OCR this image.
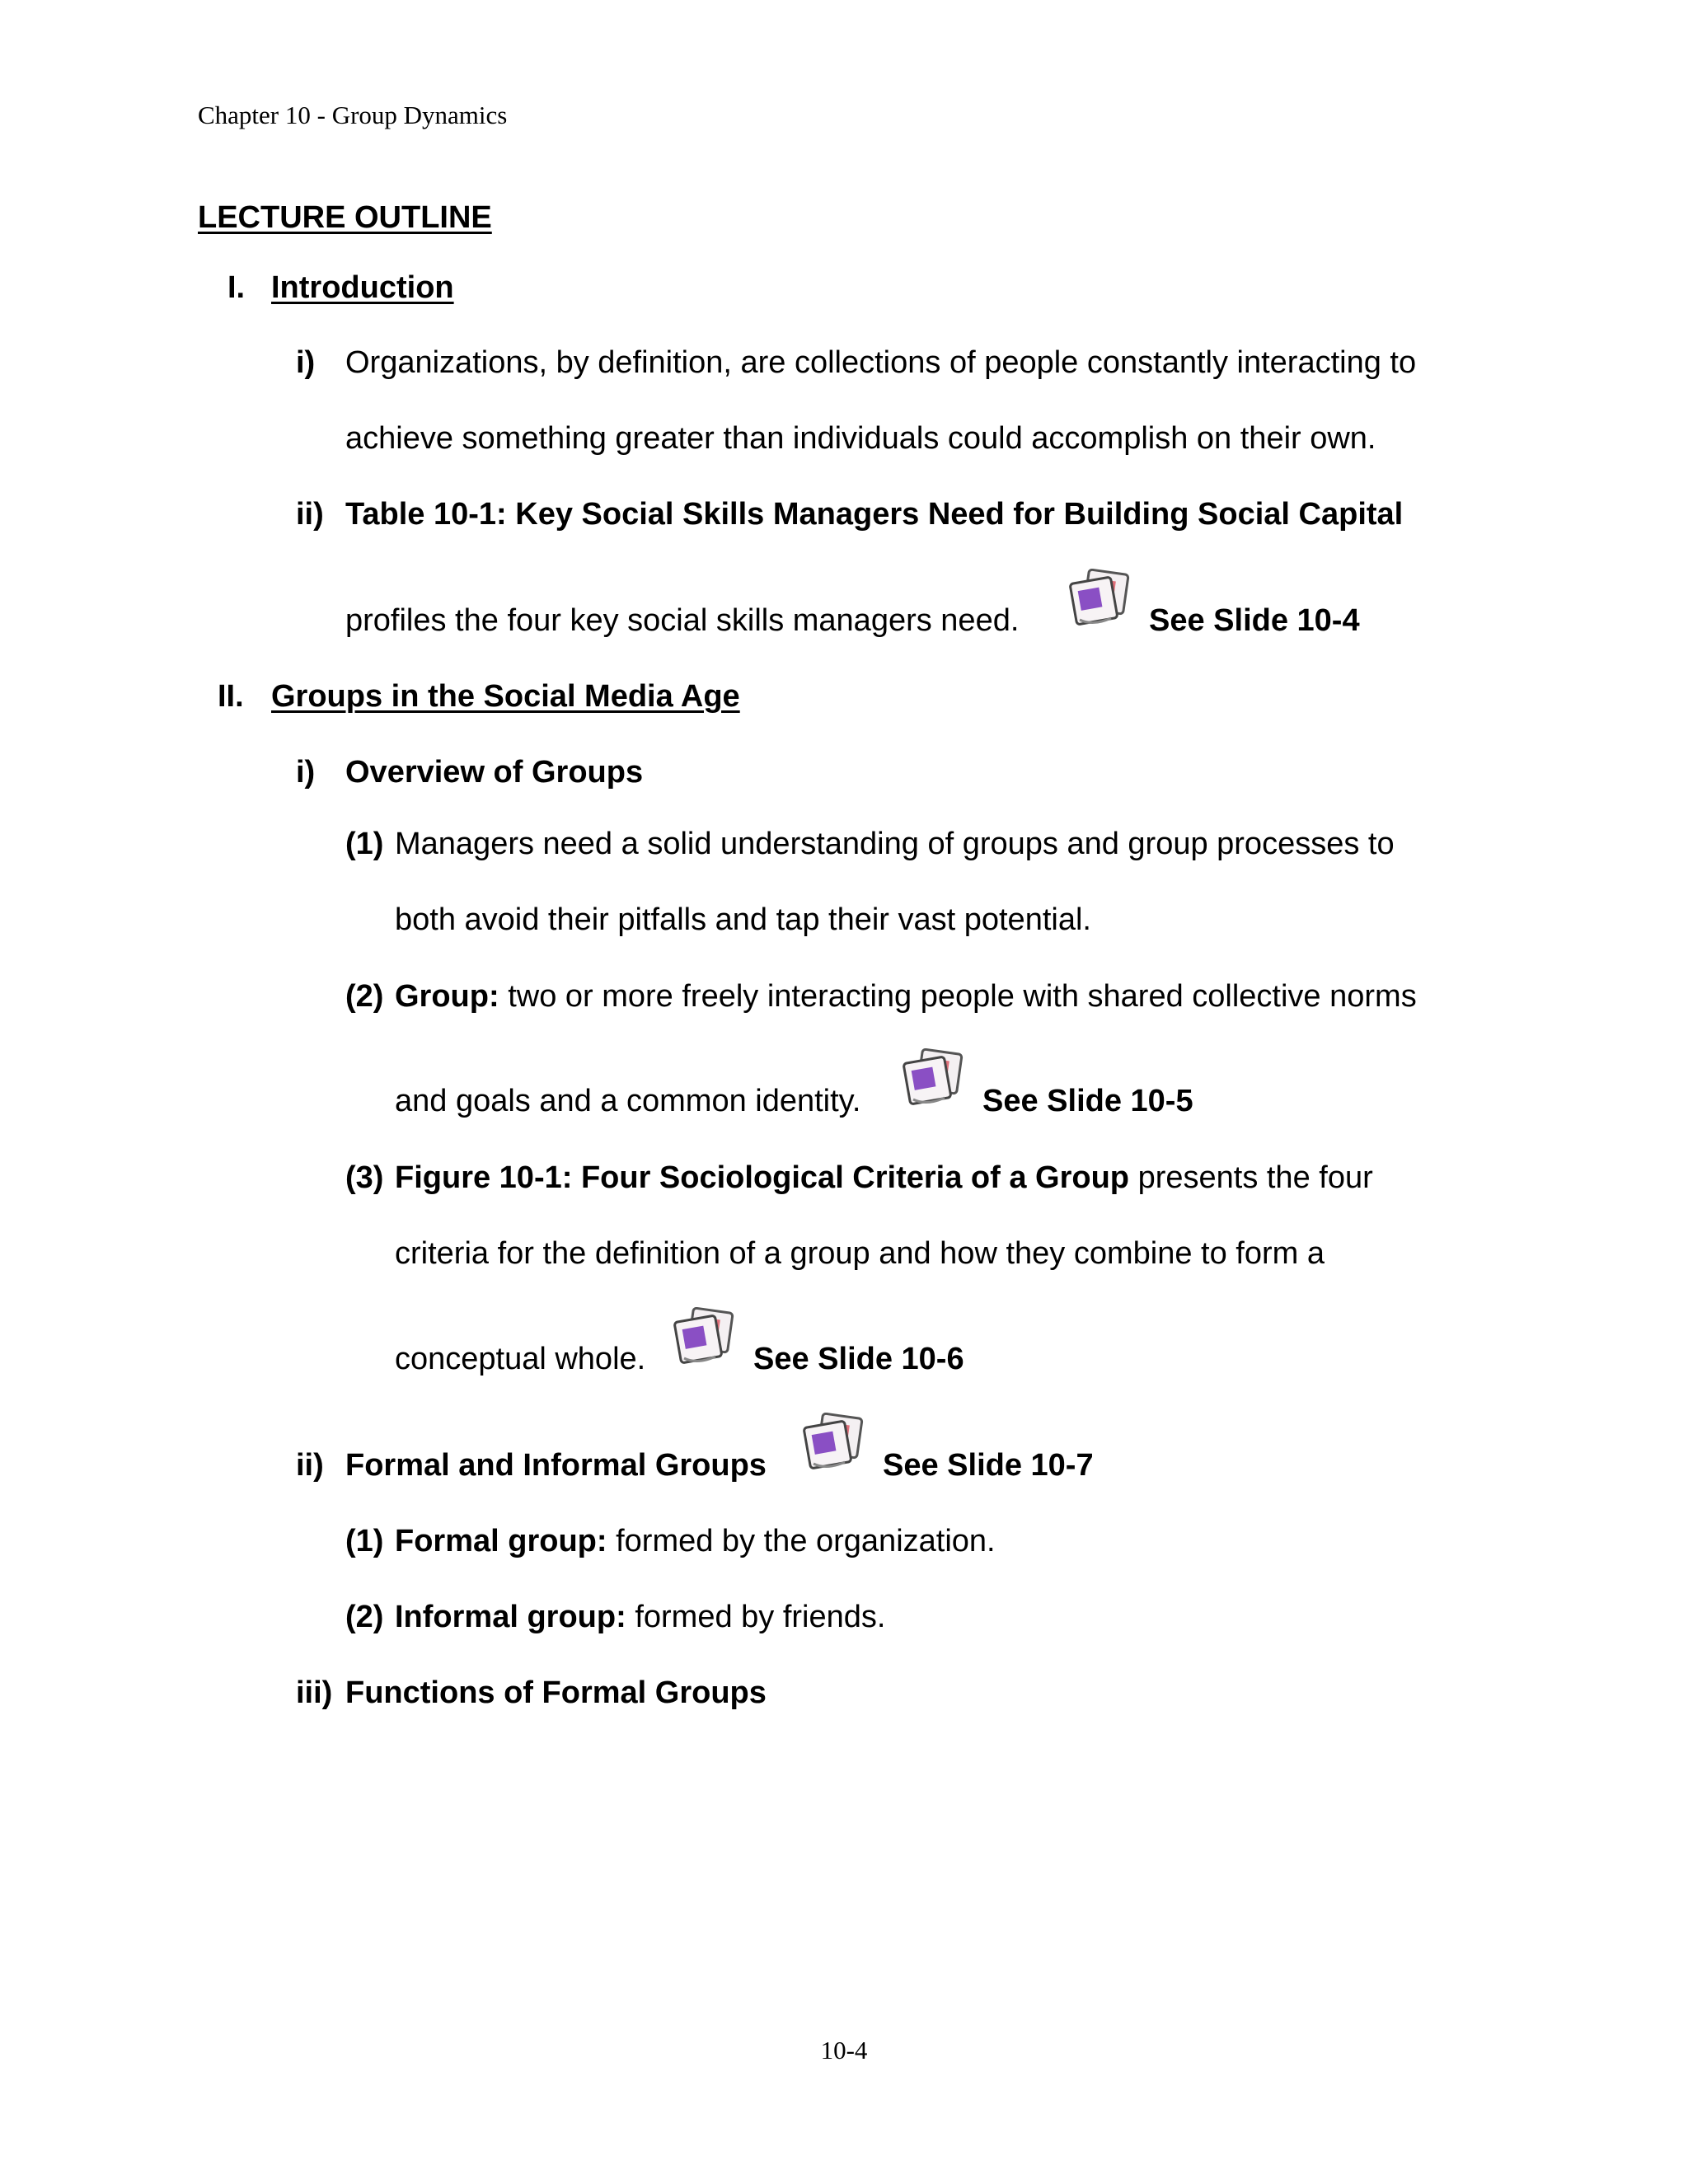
Chapter 10 - Group Dynamics
LECTURE OUTLINE
I. Introduction
i) Organizations, by definition, are collections of people constantly interacting to
achieve something greater than individuals could accomplish on their own.
ii) Table 10-1: Key Social Skills Managers Need for Building Social Capital
profiles the four key social skills managers need.	See Slide 10-4
II. Groups in the Social Media Age
i) Overview of Groups
(1) Managers need a solid understanding of groups and group processes to
both avoid their pitfalls and tap their vast potential.
(2) Group: two or more freely interacting people with shared collective norms
and goals and a common identity.	See Slide 10-5
(3) Figure 10-1: Four Sociological Criteria of a Group presents the four
criteria for the definition of a group and how they combine to form a
conceptual whole.	See Slide 10-6
ii) Formal and Informal Groups	See Slide 10-7
(1) Formal group: formed by the organization.
(2) Informal group: formed by friends.
iii) Functions of Formal Groups
10-4
